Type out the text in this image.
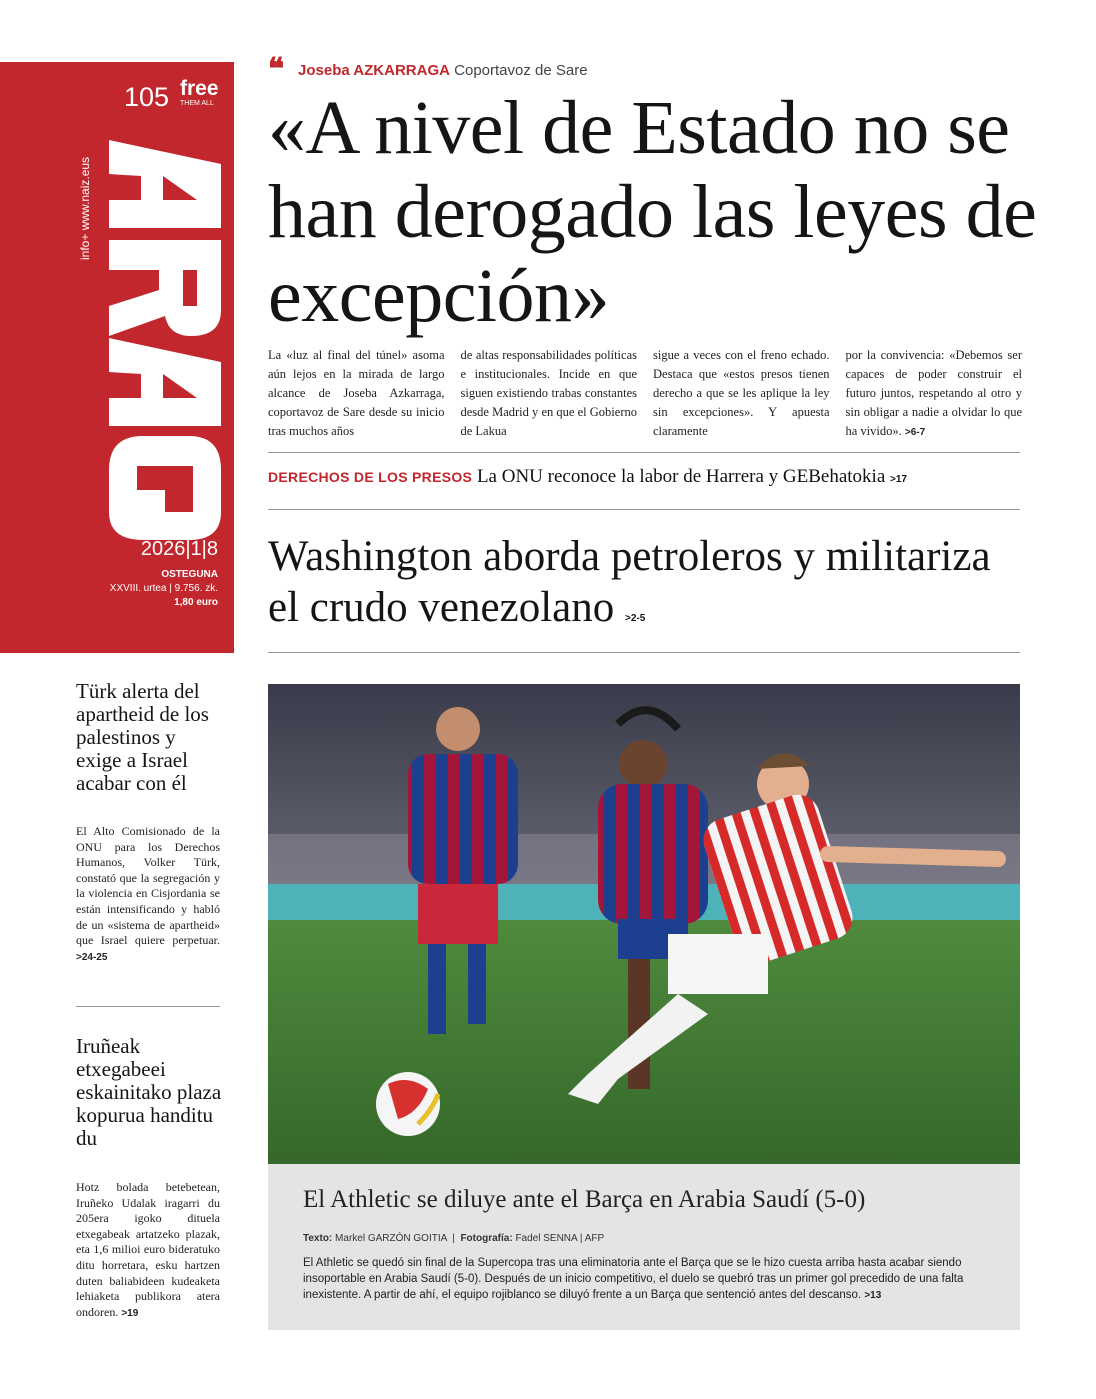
105 free
THEM ALL
info+ www.naiz.eus
2026|1|8
OSTEGUNA
XXVIII. urtea | 9.756. zk.
1,80 euro
❝ Joseba AZKARRAGA Coportavoz de Sare
«A nivel de Estado no se han derogado las leyes de excepción»

La «luz al final del túnel» asoma aún lejos en la mirada de largo alcance de Joseba Azkarraga, coportavoz de Sare desde su inicio tras muchos años

de altas responsabilidades políticas e institucionales. Incide en que siguen existiendo trabas constantes desde Madrid y en que el Gobierno de Lakua

sigue a veces con el freno echado. Destaca que «estos presos tienen derecho a que se les aplique la ley sin excepciones». Y apuesta claramente

por la convivencia: «Debemos ser capaces de poder construir el futuro juntos, respetando al otro y sin obligar a nadie a olvidar lo que ha vivido». >6-7

DERECHOS DE LOS PRESOS La ONU reconoce la labor de Harrera y GEBehatokia >17
Washington aborda petroleros y militariza el crudo venezolano >2-5
El Athletic se diluye ante el Barça en Arabia Saudí (5-0)
Texto: Markel GARZÓN GOITIA  |  Fotografía: Fadel SENNA | AFP
El Athletic se quedó sin final de la Supercopa tras una eliminatoria ante el Barça que se le hizo cuesta arriba hasta acabar siendo insoportable en Arabia Saudí (5-0). Después de un inicio competitivo, el duelo se quebró tras un primer gol precedido de una falta inexistente. A partir de ahí, el equipo rojiblanco se diluyó frente a un Barça que sentenció antes del descanso. >13
Türk alerta del apartheid de los palestinos y exige a Israel acabar con él
El Alto Comisionado de la ONU para los Derechos Humanos, Volker Türk, constató que la segregación y la violencia en Cisjordania se están intensificando y habló de un «sistema de apartheid» que Israel quiere perpetuar. >24-25
Iruñeak etxegabeei eskainitako plaza kopurua handitu du
Hotz bolada betebetean, Iruñeko Udalak iragarri du 205era igoko dituela etxegabeak artatzeko plazak, eta 1,6 milioi euro bideratuko ditu horretara, esku hartzen duten baliabideen kudeaketa lehiaketa publikora atera ondoren. >19
